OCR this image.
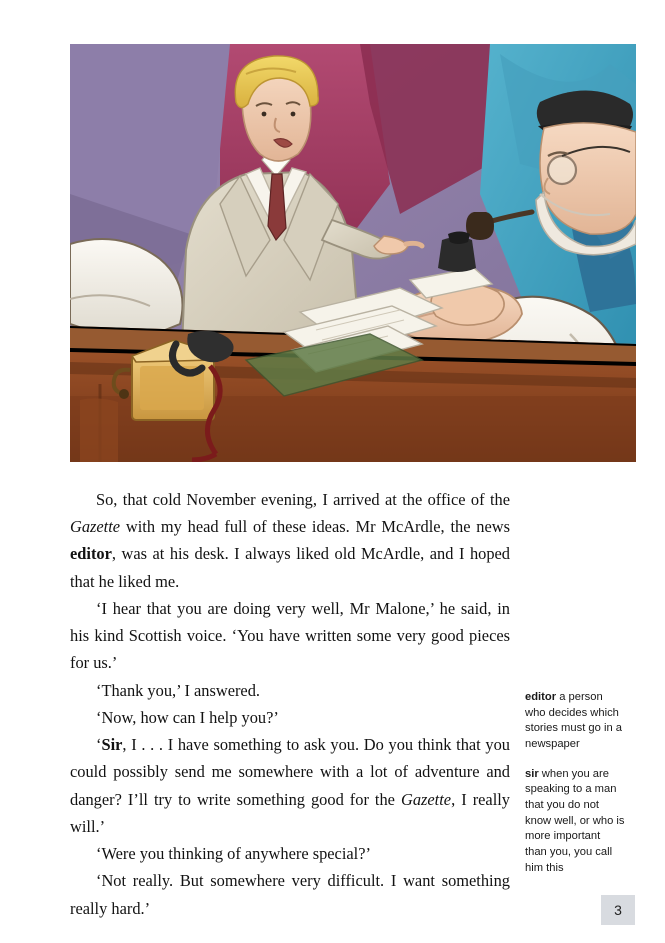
So, that cold November evening, I arrived at the office of the Gazette with my head full of these ideas. Mr McArdle, the news editor, was at his desk. I always liked old McArdle, and I hoped that he liked me.

‘I hear that you are doing very well, Mr Malone,’ he said, in his kind Scottish voice. ‘You have written some very good pieces for us.’

‘Thank you,’ I answered.

‘Now, how can I help you?’

‘Sir, I . . . I have something to ask you. Do you think that you could possibly send me somewhere with a lot of adventure and danger? I’ll try to write something good for the Gazette, I really will.’

‘Were you thinking of anywhere special?’

‘Not really. But somewhere very difficult. I want something really hard.’

editor a person who decides which stories must go in a newspaper
sir when you are speaking to a man that you do not know well, or who is more important than you, you call him this
3
